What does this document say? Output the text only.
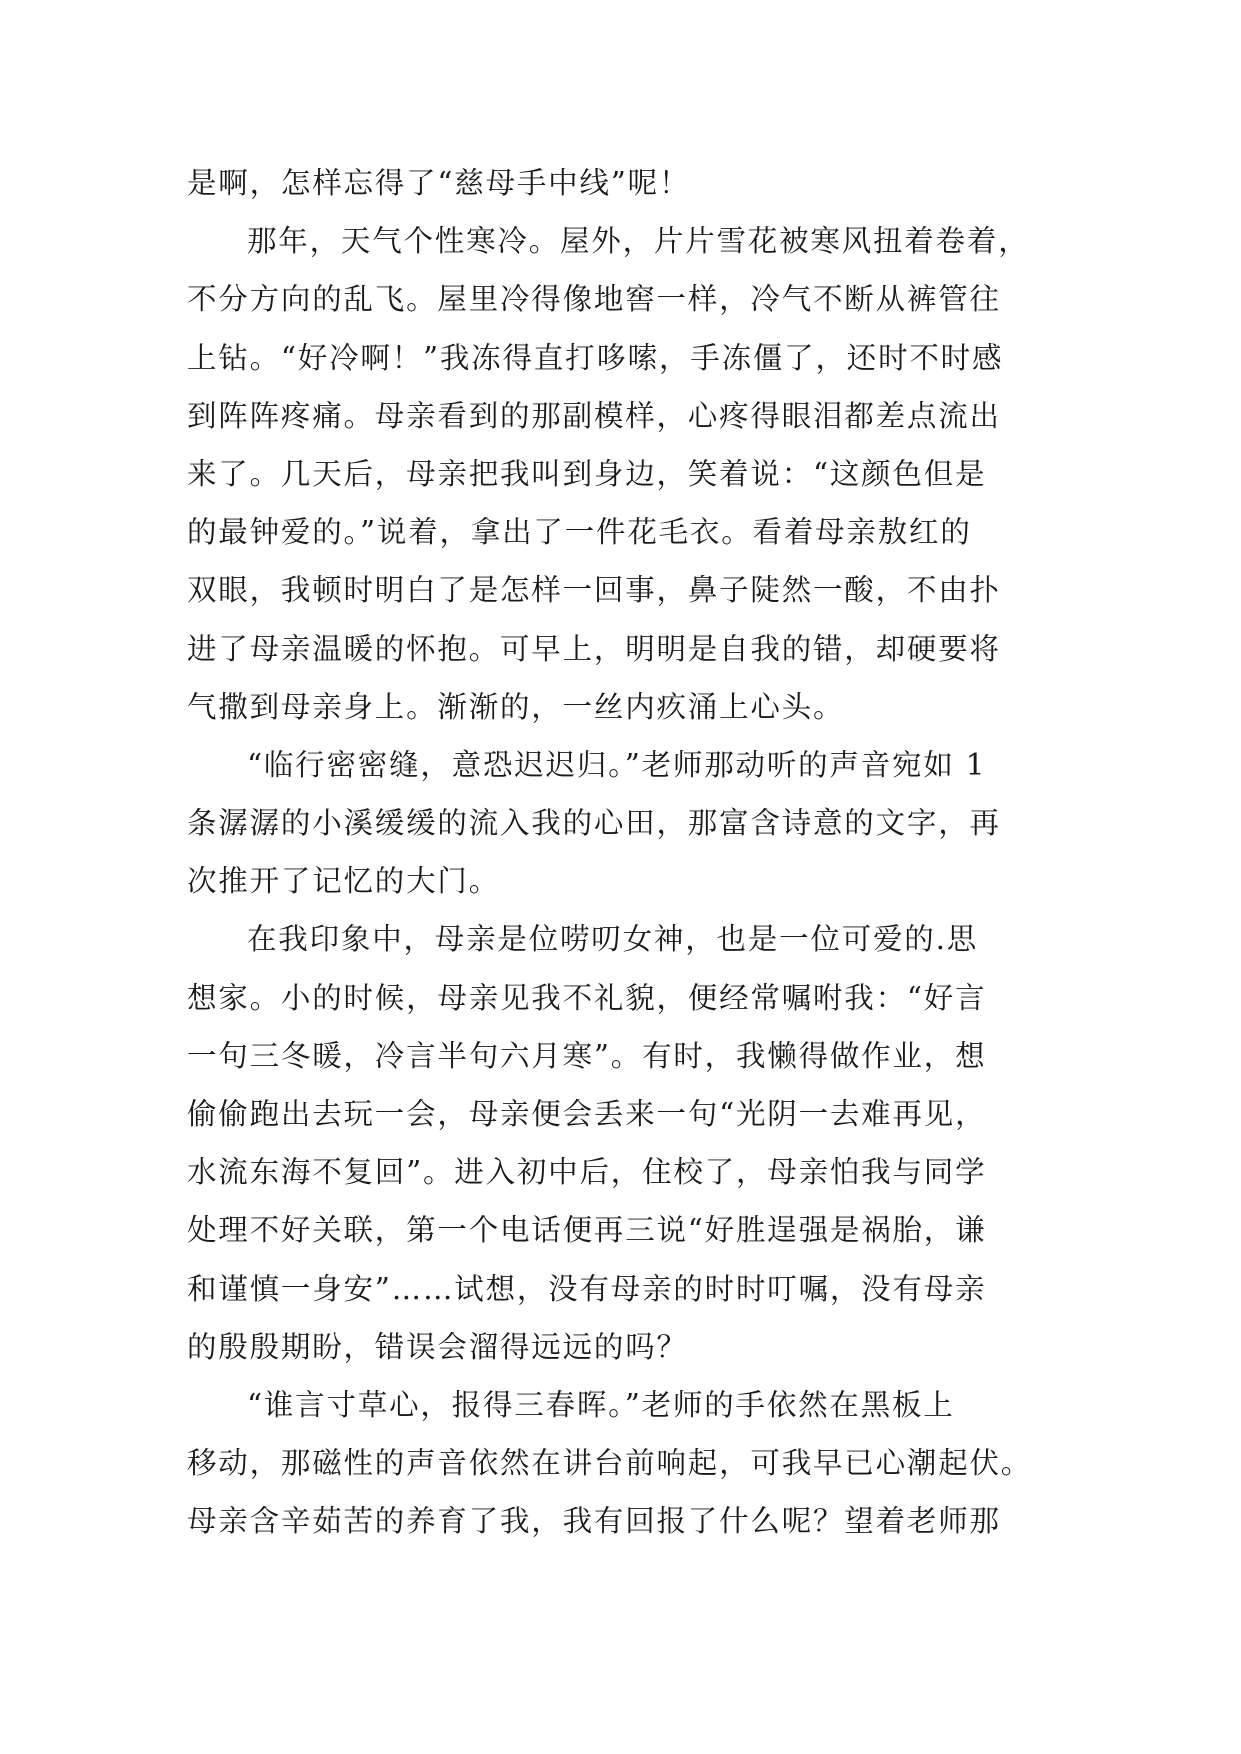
是啊，怎样忘得了“慈母手中线”呢！
那年，天气个性寒冷。屋外，片片雪花被寒风扭着卷着，
不分方向的乱飞。屋里冷得像地窖一样，冷气不断从裤管往
上钻。“好冷啊！”我冻得直打哆嗦，手冻僵了，还时不时感
到阵阵疼痛。母亲看到的那副模样，心疼得眼泪都差点流出
来了。几天后，母亲把我叫到身边，笑着说：“这颜色但是
的最钟爱的。”说着，拿出了一件花毛衣。看着母亲敖红的
双眼，我顿时明白了是怎样一回事，鼻子陡然一酸，不由扑
进了母亲温暖的怀抱。可早上，明明是自我的错，却硬要将
气撒到母亲身上。渐渐的，一丝内疚涌上心头。
“临行密密缝，意恐迟迟归。”老师那动听的声音宛如 1
条潺潺的小溪缓缓的流入我的心田，那富含诗意的文字，再
次推开了记忆的大门。
在我印象中，母亲是位唠叨女神，也是一位可爱的.思
想家。小的时候，母亲见我不礼貌，便经常嘱咐我：“好言
一句三冬暖，冷言半句六月寒”。有时，我懒得做作业，想
偷偷跑出去玩一会，母亲便会丢来一句“光阴一去难再见，
水流东海不复回”。进入初中后，住校了，母亲怕我与同学
处理不好关联，第一个电话便再三说“好胜逞强是祸胎，谦
和谨慎一身安”……试想，没有母亲的时时叮嘱，没有母亲
的殷殷期盼，错误会溜得远远的吗？
“谁言寸草心，报得三春晖。”老师的手依然在黑板上
移动，那磁性的声音依然在讲台前响起，可我早已心潮起伏。
母亲含辛茹苦的养育了我，我有回报了什么呢？望着老师那
